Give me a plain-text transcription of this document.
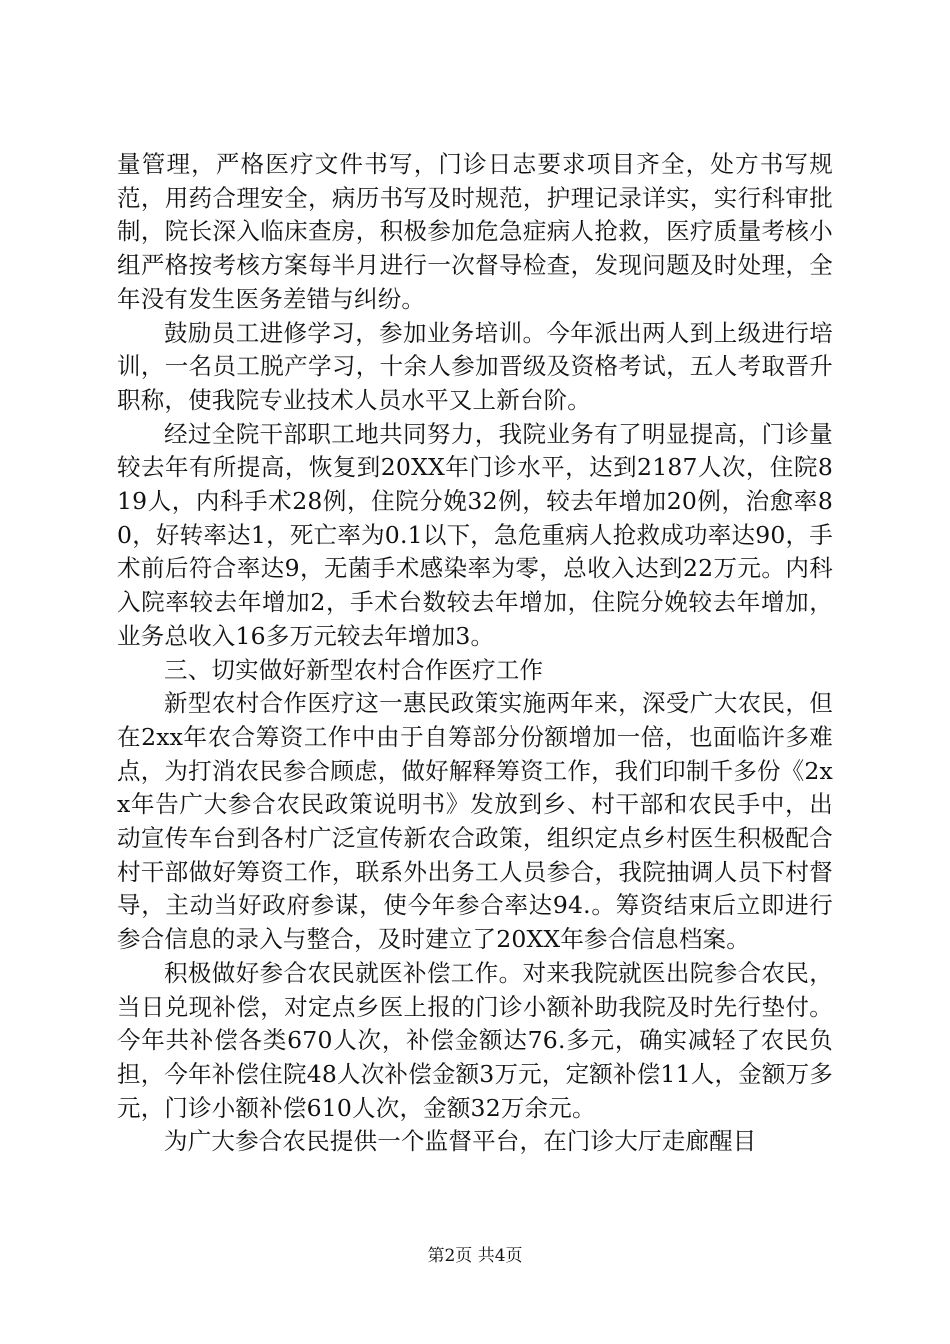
量管理，严格医疗文件书写，门诊日志要求项目齐全，处方书写规范，用药合理安全，病历书写及时规范，护理记录详实，实行科审批制，院长深入临床查房，积极参加危急症病人抢救，医疗质量考核小组严格按考核方案每半月进行一次督导检查，发现问题及时处理，全年没有发生医务差错与纠纷。

鼓励员工进修学习，参加业务培训。今年派出两人到上级进行培训，一名员工脱产学习，十余人参加晋级及资格考试，五人考取晋升职称，使我院专业技术人员水平又上新台阶。

经过全院干部职工地共同努力，我院业务有了明显提高，门诊量较去年有所提高，恢复到20XX年门诊水平，达到2187人次，住院819人，内科手术28例，住院分娩32例，较去年增加20例，治愈率80，好转率达1，死亡率为0.1以下，急危重病人抢救成功率达90，手术前后符合率达9，无菌手术感染率为零，总收入达到22万元。内科入院率较去年增加2，手术台数较去年增加，住院分娩较去年增加，业务总收入16多万元较去年增加3。

三、切实做好新型农村合作医疗工作

新型农村合作医疗这一惠民政策实施两年来，深受广大农民，但在2xx年农合筹资工作中由于自筹部分份额增加一倍，也面临许多难点，为打消农民参合顾虑，做好解释筹资工作，我们印制千多份《2xx年告广大参合农民政策说明书》发放到乡、村干部和农民手中，出动宣传车台到各村广泛宣传新农合政策，组织定点乡村医生积极配合村干部做好筹资工作，联系外出务工人员参合，我院抽调人员下村督导，主动当好政府参谋，使今年参合率达94.。筹资结束后立即进行参合信息的录入与整合，及时建立了20XX年参合信息档案。

积极做好参合农民就医补偿工作。对来我院就医出院参合农民，当日兑现补偿，对定点乡医上报的门诊小额补助我院及时先行垫付。今年共补偿各类670人次，补偿金额达76.多元，确实减轻了农民负担，今年补偿住院48人次补偿金额3万元，定额补偿11人，金额万多元，门诊小额补偿610人次，金额32万余元。

为广大参合农民提供一个监督平台，在门诊大厅走廊醒目

第2页 共4页
